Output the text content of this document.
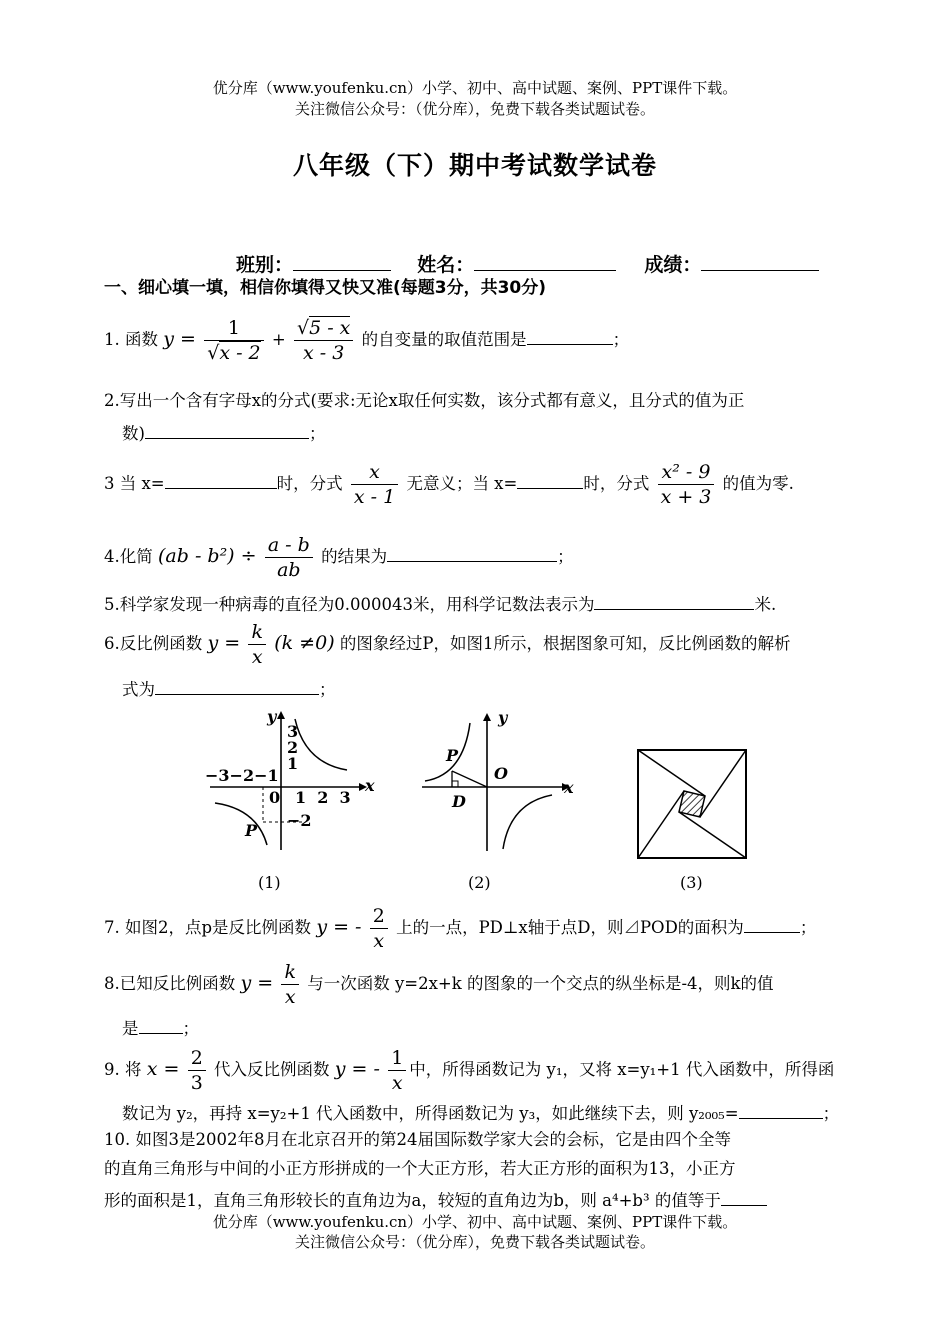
优分库（www.youfenku.cn）小学、初中、高中试题、案例、PPT课件下载。
关注微信公众号：（优分库），免费下载各类试题试卷。
八年级（下）期中考试数学试卷
班别：	姓名：	成绩：
一、细心填一填，相信你填得又快又准(每题3分，共30分)
1. 函数 $y = \frac{1}{√x - 2} + \frac{√5 - x}{x - 3}$ 的自变量的取值范围是	；
2.写出一个含有字母x的分式(要求:无论x取任何实数，该分式都有意义，且分式的值为正
数)	；
3 当 x=	时，分式 $\frac{x}{x - 1}$ 无意义；当 x=	时，分式 $\frac{\text{x² - 9}}{x + 3}$ 的值为零.
4.化简 $(ab - b^2) \div \frac{a - b}{ab}$ 的结果为	；
5.科学家发现一种病毒的直径为0.000043米，用科学记数法表示为	米.
6.反比例函数 $y = \frac{k}{x} (k \ne 0)$ 的图象经过P，如图1所示，根据图象可知，反比例函数的解析
式为	；
y
x
3
2
1
−3−2−1
0 1  2  3
−2
P
y
x
O
P
D
(1)	(2)	(3)
7. 如图2，点p是反比例函数 y = - $\frac{2}{x}$ 上的一点，PD⊥x轴于点D，则⊿POD的面积为	；
8.已知反比例函数 $y = \frac{k}{x}$ 与一次函数 y=2x+k 的图象的一个交点的纵坐标是-4，则k的值
是	；
9. 将 $x = \frac{2}{3}$ 代入反比例函数 y = - $\frac{1}{x}$ 中，所得函数记为 y₁，又将 x=y₁+1 代入函数中，所得函
数记为 y₂，再持 x=y₂+1 代入函数中，所得函数记为 y₃，如此继续下去，则 y₂₀₀₅=	；
10. 如图3是2002年8月在北京召开的第24届国际数学家大会的会标，它是由四个全等
的直角三角形与中间的小正方形拼成的一个大正方形，若大正方形的面积为13，小正方
形的面积是1，直角三角形较长的直角边为a，较短的直角边为b，则 a⁴+b³ 的值等于
优分库（www.youfenku.cn）小学、初中、高中试题、案例、PPT课件下载。
关注微信公众号：（优分库），免费下载各类试题试卷。
